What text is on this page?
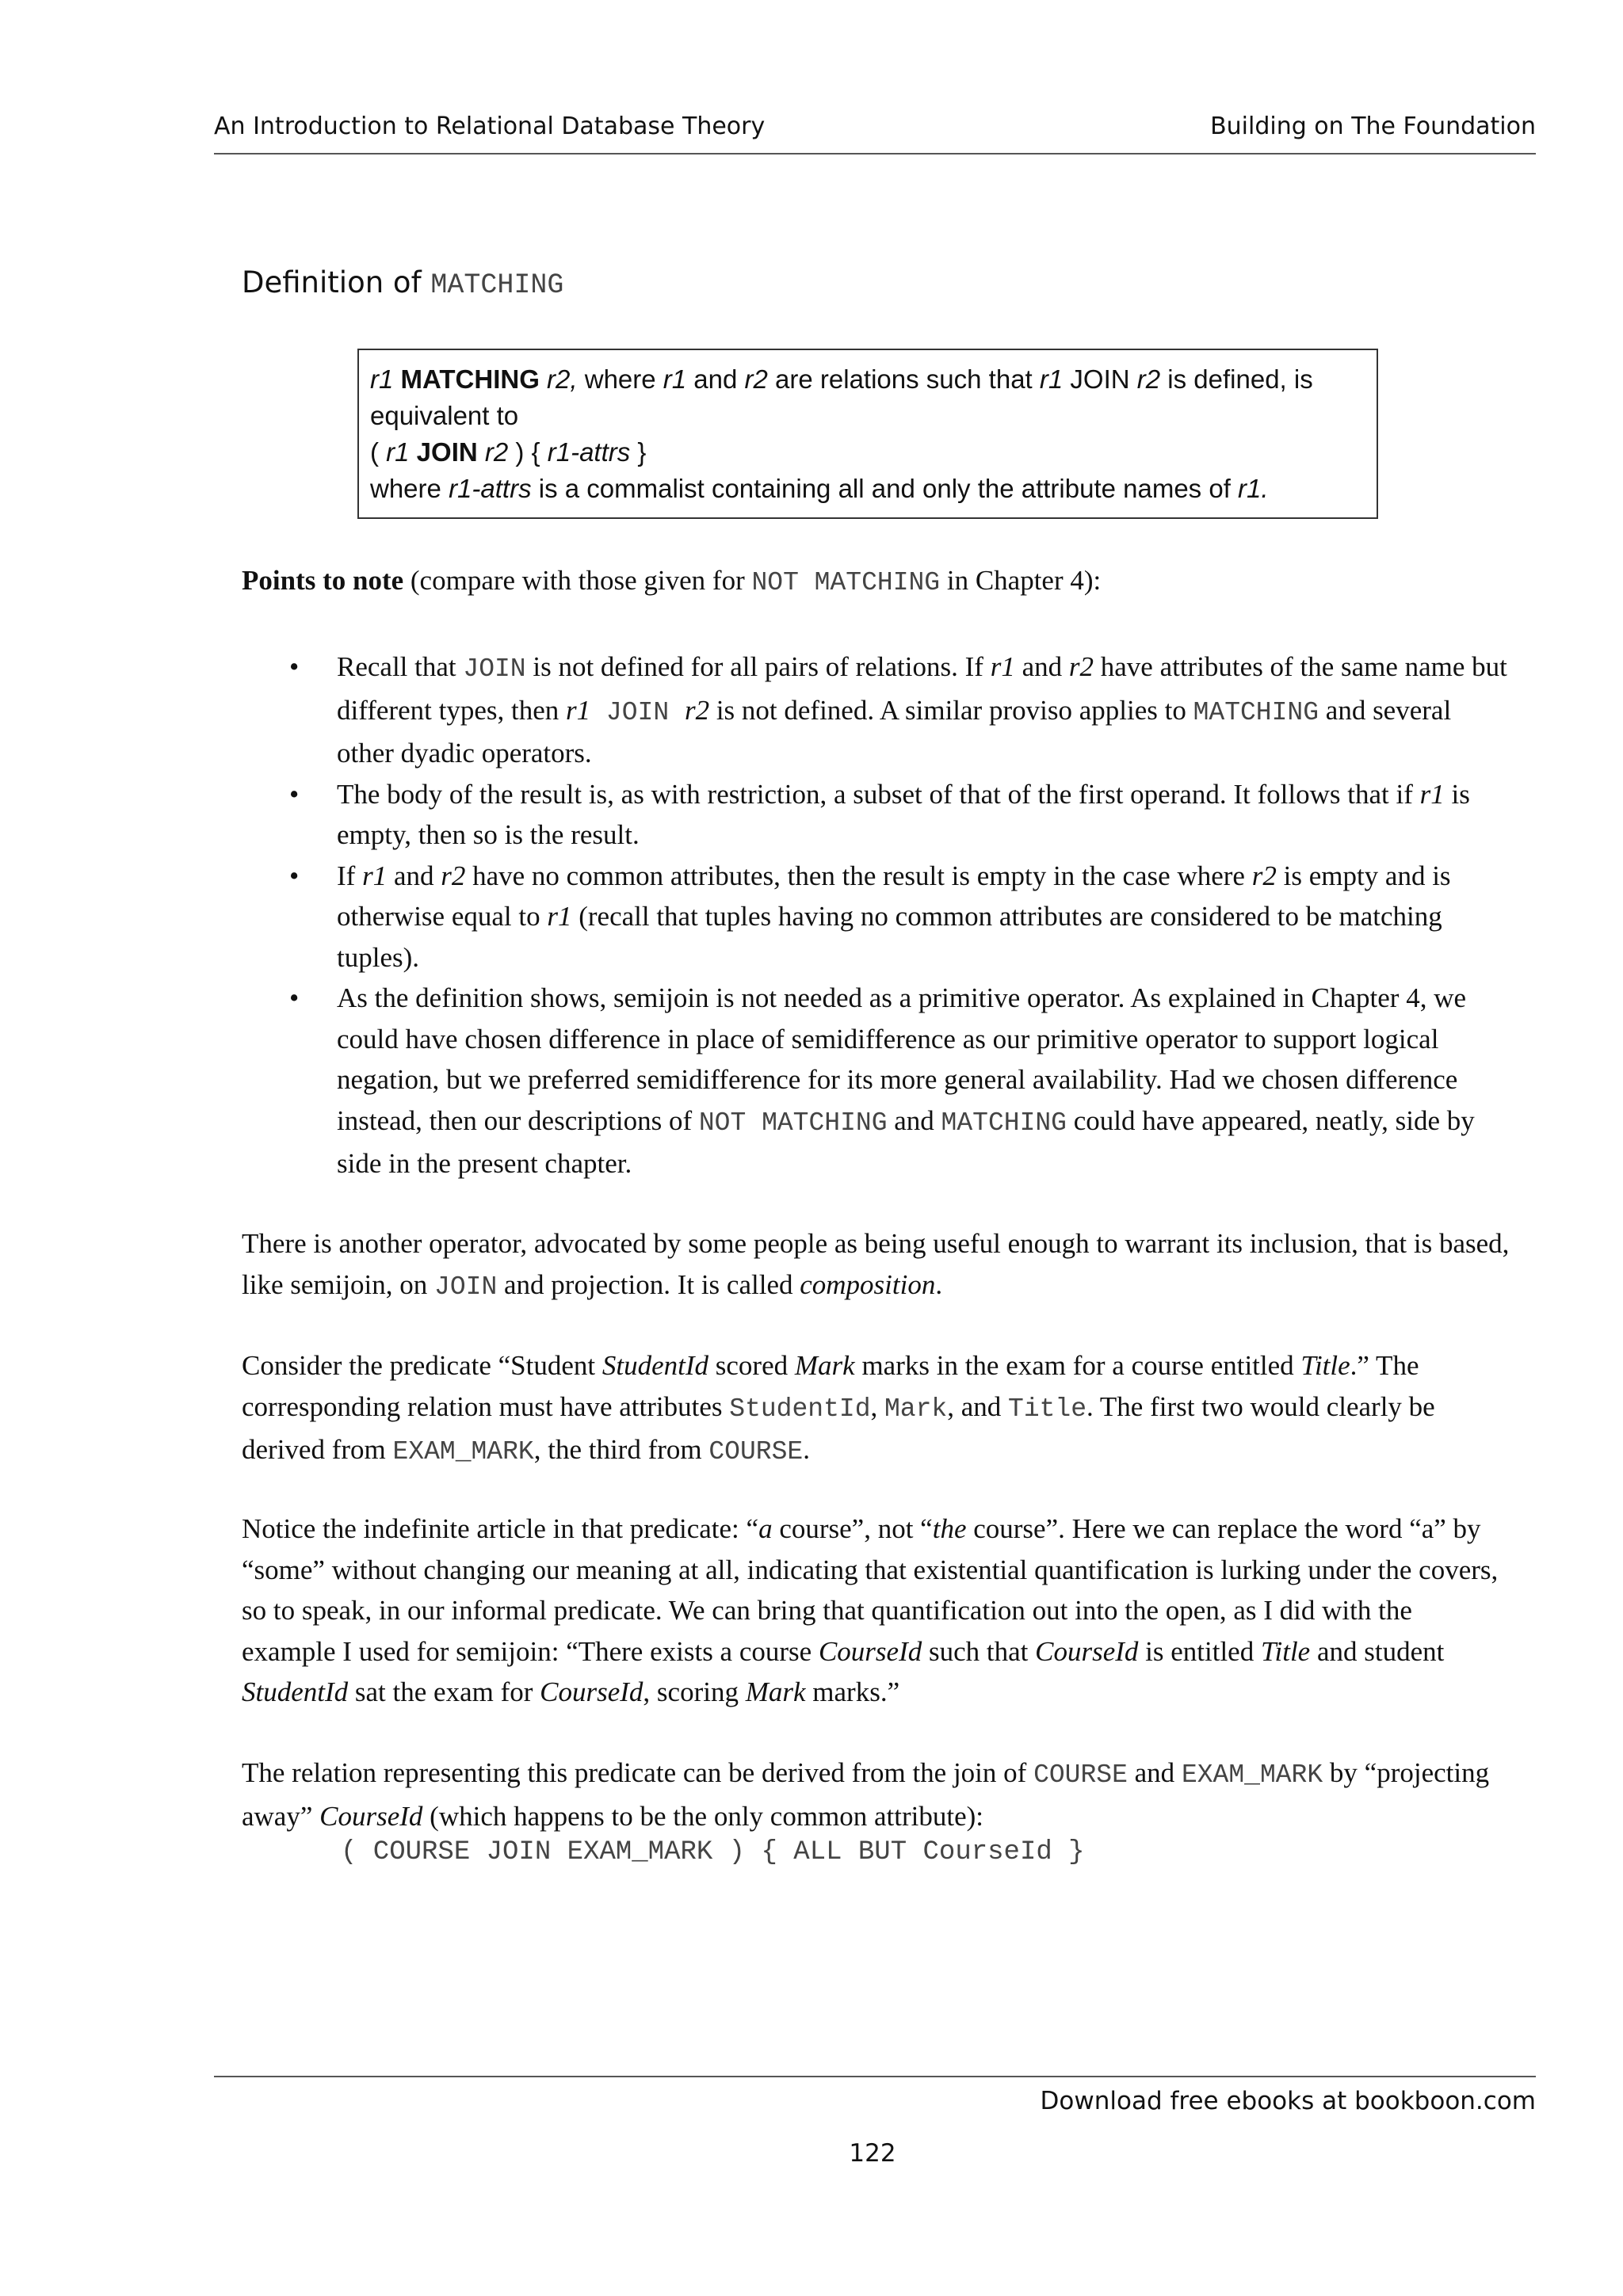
An Introduction to Relational Database Theory	Building on The Foundation
Definition of MATCHING

r1 MATCHING r2, where r1 and r2 are relations such that r1 JOIN r2 is defined, is

equivalent to

( r1 JOIN r2 ) { r1-attrs }

where r1-attrs is a commalist containing all and only the attribute names of r1.

Points to note (compare with those given for NOT MATCHING in Chapter 4):
• Recall that JOIN is not defined for all pairs of relations. If r1 and r2 have attributes of the same name but different types, then r1 JOIN r2 is not defined. A similar proviso applies to MATCHING and several other dyadic operators.
• The body of the result is, as with restriction, a subset of that of the first operand. It follows that if r1 is empty, then so is the result.
• If r1 and r2 have no common attributes, then the result is empty in the case where r2 is empty and is otherwise equal to r1 (recall that tuples having no common attributes are considered to be matching tuples).
• As the definition shows, semijoin is not needed as a primitive operator. As explained in Chapter 4, we could have chosen difference in place of semidifference as our primitive operator to support logical negation, but we preferred semidifference for its more general availability. Had we chosen difference instead, then our descriptions of NOT MATCHING and MATCHING could have appeared, neatly, side by side in the present chapter.
There is another operator, advocated by some people as being useful enough to warrant its inclusion, that is based, like semijoin, on JOIN and projection. It is called composition.
Consider the predicate “Student StudentId scored Mark marks in the exam for a course entitled Title.” The corresponding relation must have attributes StudentId, Mark, and Title. The first two would clearly be derived from EXAM_MARK, the third from COURSE.
Notice the indefinite article in that predicate: “a course”, not “the course”. Here we can replace the word “a” by “some” without changing our meaning at all, indicating that existential quantification is lurking under the covers, so to speak, in our informal predicate. We can bring that quantification out into the open, as I did with the example I used for semijoin: “There exists a course CourseId such that CourseId is entitled Title and student StudentId sat the exam for CourseId, scoring Mark marks.”
The relation representing this predicate can be derived from the join of COURSE and EXAM_MARK by “projecting away” CourseId (which happens to be the only common attribute):
( COURSE JOIN EXAM_MARK ) { ALL BUT CourseId }
Download free ebooks at bookboon.com
122
